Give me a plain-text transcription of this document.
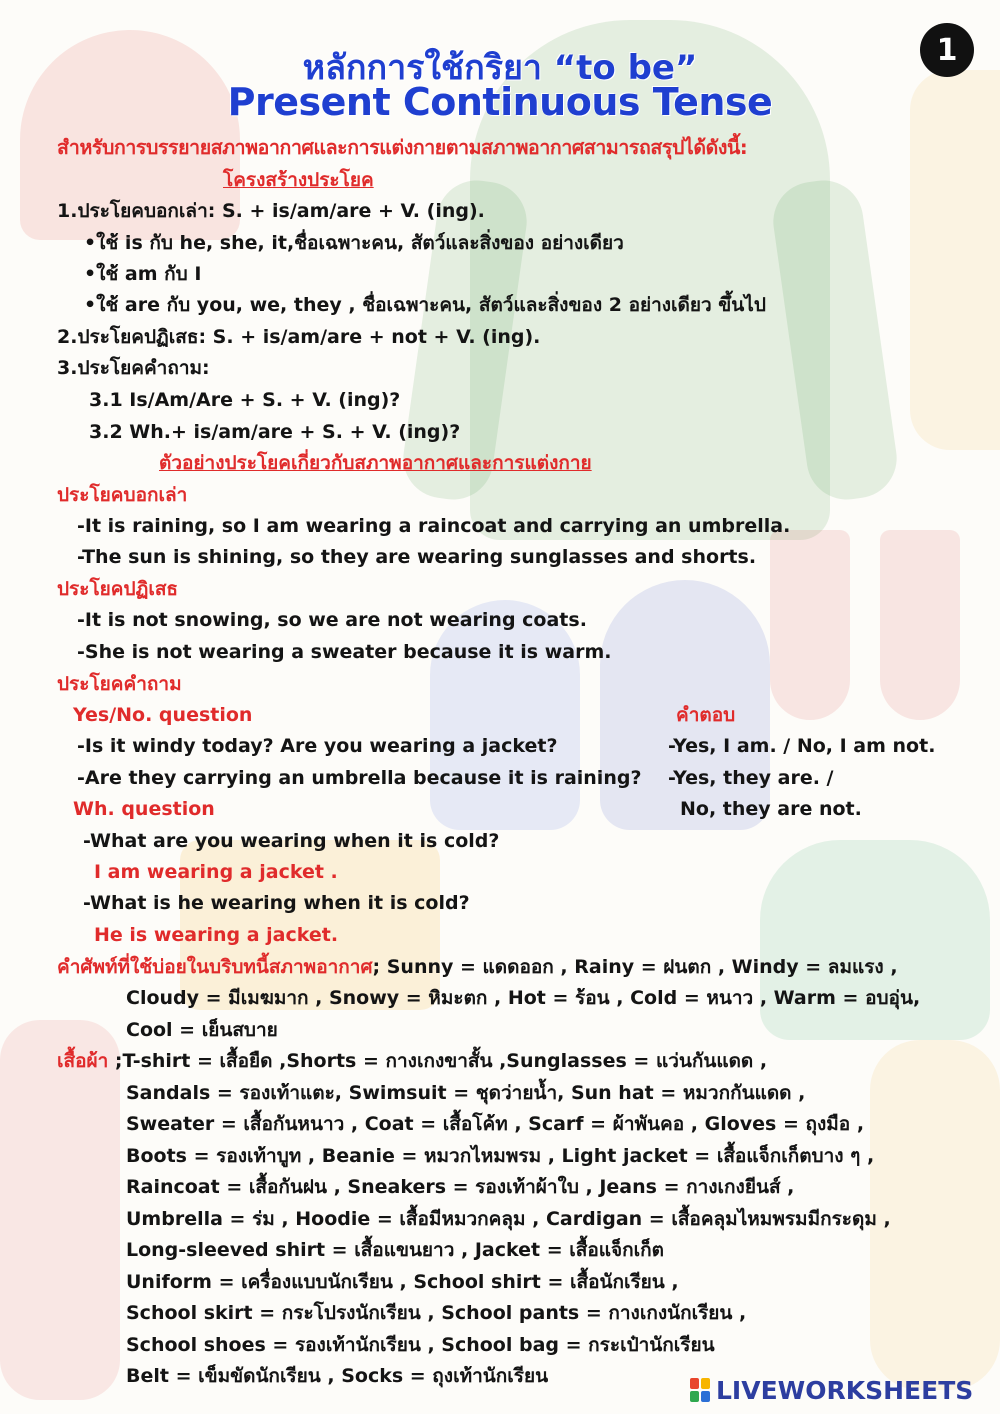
หลักการใช้กริยา “to be”
Present Continuous Tense
1
สำหรับการบรรยายสภาพอากาศและการแต่งกายตามสภาพอากาศสามารถสรุปได้ดังนี้:
โครงสร้างประโยค
1.ประโยคบอกเล่า: S. + is/am/are + V. (ing).
•ใช้ is กับ he, she, it,ชื่อเฉพาะคน, สัตว์และสิ่งของ อย่างเดียว
•ใช้ am กับ I
•ใช้ are กับ you, we, they , ชื่อเฉพาะคน, สัตว์และสิ่งของ 2 อย่างเดียว ขึ้นไป
2.ประโยคปฏิเสธ: S. + is/am/are + not + V. (ing).
3.ประโยคคำถาม:
3.1 Is/Am/Are + S. + V. (ing)?
3.2 Wh.+ is/am/are + S. + V. (ing)?
ตัวอย่างประโยคเกี่ยวกับสภาพอากาศและการแต่งกาย
ประโยคบอกเล่า
-It is raining, so I am wearing a raincoat and carrying an umbrella.
-The sun is shining, so they are wearing sunglasses and shorts.
ประโยคปฏิเสธ
-It is not snowing, so we are not wearing coats.
-She is not wearing a sweater because it is warm.
ประโยคคำถาม
Yes/No. question	คำตอบ
-Is it windy today? Are you wearing a jacket?	-Yes, I am. / No, I am not.
-Are they carrying an umbrella because it is raining? -Yes, they are. /
Wh. question	No, they are not.
-What are you wearing when it is cold?
I am wearing a jacket .
-What is he wearing when it is cold?
He is wearing a jacket.
คำศัพท์ที่ใช้บ่อยในบริบทนี้สภาพอากาศ; Sunny = แดดออก , Rainy = ฝนตก , Windy = ลมแรง ,
Cloudy = มีเมฆมาก , Snowy = หิมะตก , Hot = ร้อน , Cold = หนาว , Warm = อบอุ่น,
Cool = เย็นสบาย
เสื้อผ้า ;T-shirt = เสื้อยืด ,Shorts = กางเกงขาสั้น ,Sunglasses = แว่นกันแดด ,
Sandals = รองเท้าแตะ, Swimsuit = ชุดว่ายน้ำ, Sun hat = หมวกกันแดด ,
Sweater = เสื้อกันหนาว , Coat = เสื้อโค้ท , Scarf = ผ้าพันคอ , Gloves = ถุงมือ ,
Boots = รองเท้าบูท , Beanie = หมวกไหมพรม , Light jacket = เสื้อแจ็กเก็ตบาง ๆ ,
Raincoat = เสื้อกันฝน , Sneakers = รองเท้าผ้าใบ , Jeans = กางเกงยีนส์ ,
Umbrella = ร่ม , Hoodie = เสื้อมีหมวกคลุม , Cardigan = เสื้อคลุมไหมพรมมีกระดุม ,
Long-sleeved shirt = เสื้อแขนยาว , Jacket = เสื้อแจ็กเก็ต
Uniform = เครื่องแบบนักเรียน , School shirt = เสื้อนักเรียน ,
School skirt = กระโปรงนักเรียน , School pants = กางเกงนักเรียน ,
School shoes = รองเท้านักเรียน , School bag = กระเป๋านักเรียน
Belt = เข็มขัดนักเรียน , Socks = ถุงเท้านักเรียน	LIVEWORKSHEETS
